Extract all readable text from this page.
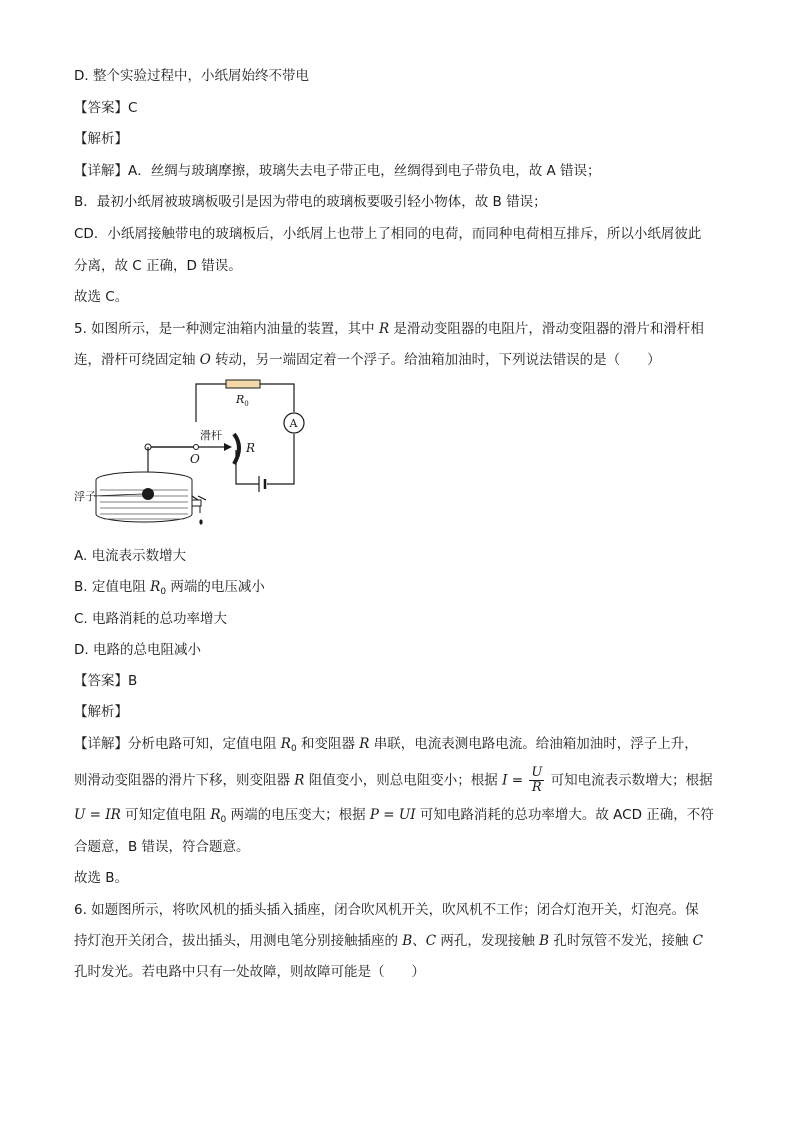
D. 整个实验过程中，小纸屑始终不带电
【答案】C
【解析】
【详解】A．丝绸与玻璃摩擦，玻璃失去电子带正电，丝绸得到电子带负电，故 A 错误；
B．最初小纸屑被玻璃板吸引是因为带电的玻璃板要吸引轻小物体，故 B 错误；
CD．小纸屑接触带电的玻璃板后，小纸屑上也带上了相同的电荷，而同种电荷相互排斥，所以小纸屑彼此
分离，故 C 正确，D 错误。
故选 C。
5. 如图所示，是一种测定油箱内油量的装置，其中 R 是滑动变阻器的电阻片，滑动变阻器的滑片和滑杆相
连，滑杆可绕固定轴 O 转动，另一端固定着一个浮子。给油箱加油时，下列说法错误的是（　　）
$R_0$
A
滑杆
O
R
浮子
A. 电流表示数增大
B. 定值电阻 $R_0$ 两端的电压减小
C. 电路消耗的总功率增大
D. 电路的总电阻减小
【答案】B
【解析】
【详解】分析电路可知，定值电阻 $R_0$ 和变阻器 R 串联，电流表测电路电流。给油箱加油时，浮子上升，
则滑动变阻器的滑片下移，则变阻器 R 阻值变小，则总电阻变小；根据 $I = \frac{U}{R}$ 可知电流表示数增大；根据
U = IR 可知定值电阻 $R_0$ 两端的电压变大；根据 P = UI 可知电路消耗的总功率增大。故 ACD 正确，不符
合题意，B 错误，符合题意。
故选 B。
6. 如题图所示，将吹风机的插头插入插座，闭合吹风机开关，吹风机不工作；闭合灯泡开关，灯泡亮。保
持灯泡开关闭合，拔出插头，用测电笔分别接触插座的 B、C 两孔，发现接触 B 孔时氖管不发光，接触 C
孔时发光。若电路中只有一处故障，则故障可能是（　　）
